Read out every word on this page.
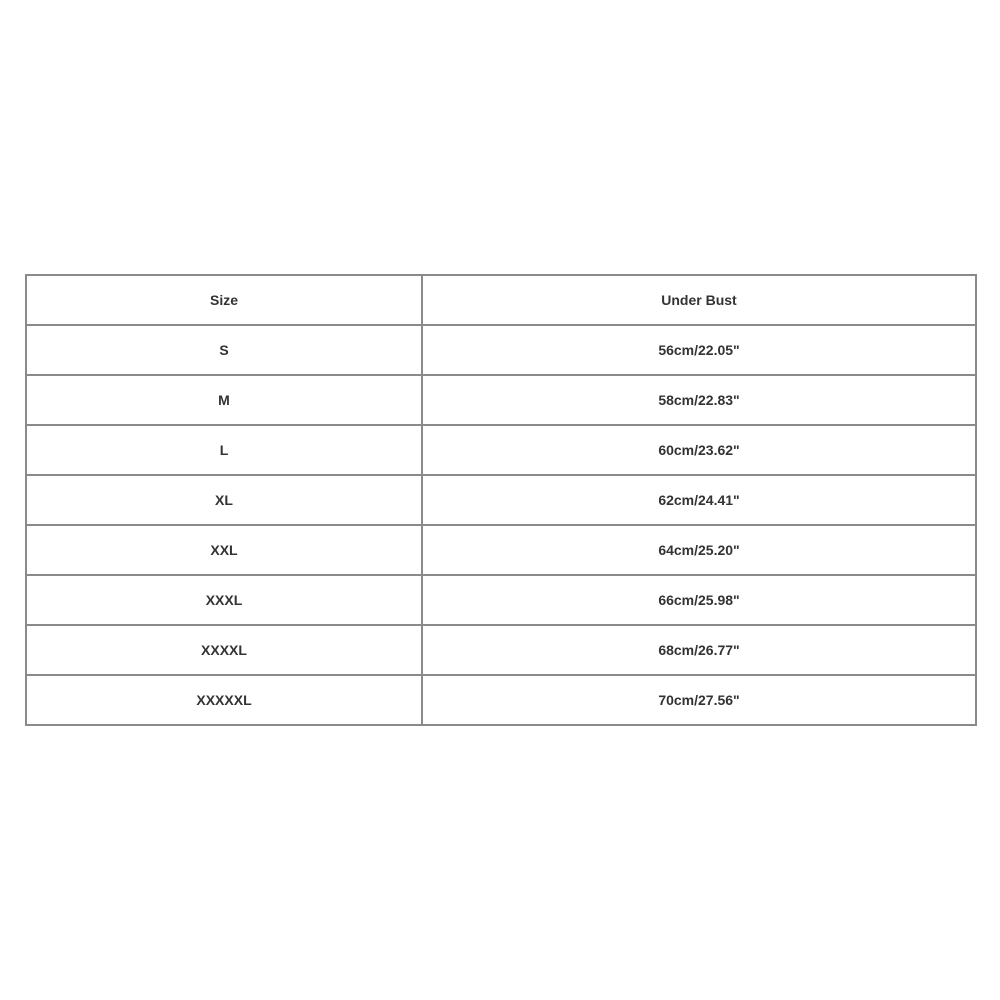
Size	Under Bust
S	56cm/22.05"
M	58cm/22.83"
L	60cm/23.62"
XL	62cm/24.41"
XXL	64cm/25.20"
XXXL	66cm/25.98"
XXXXL	68cm/26.77"
XXXXXL	70cm/27.56"
